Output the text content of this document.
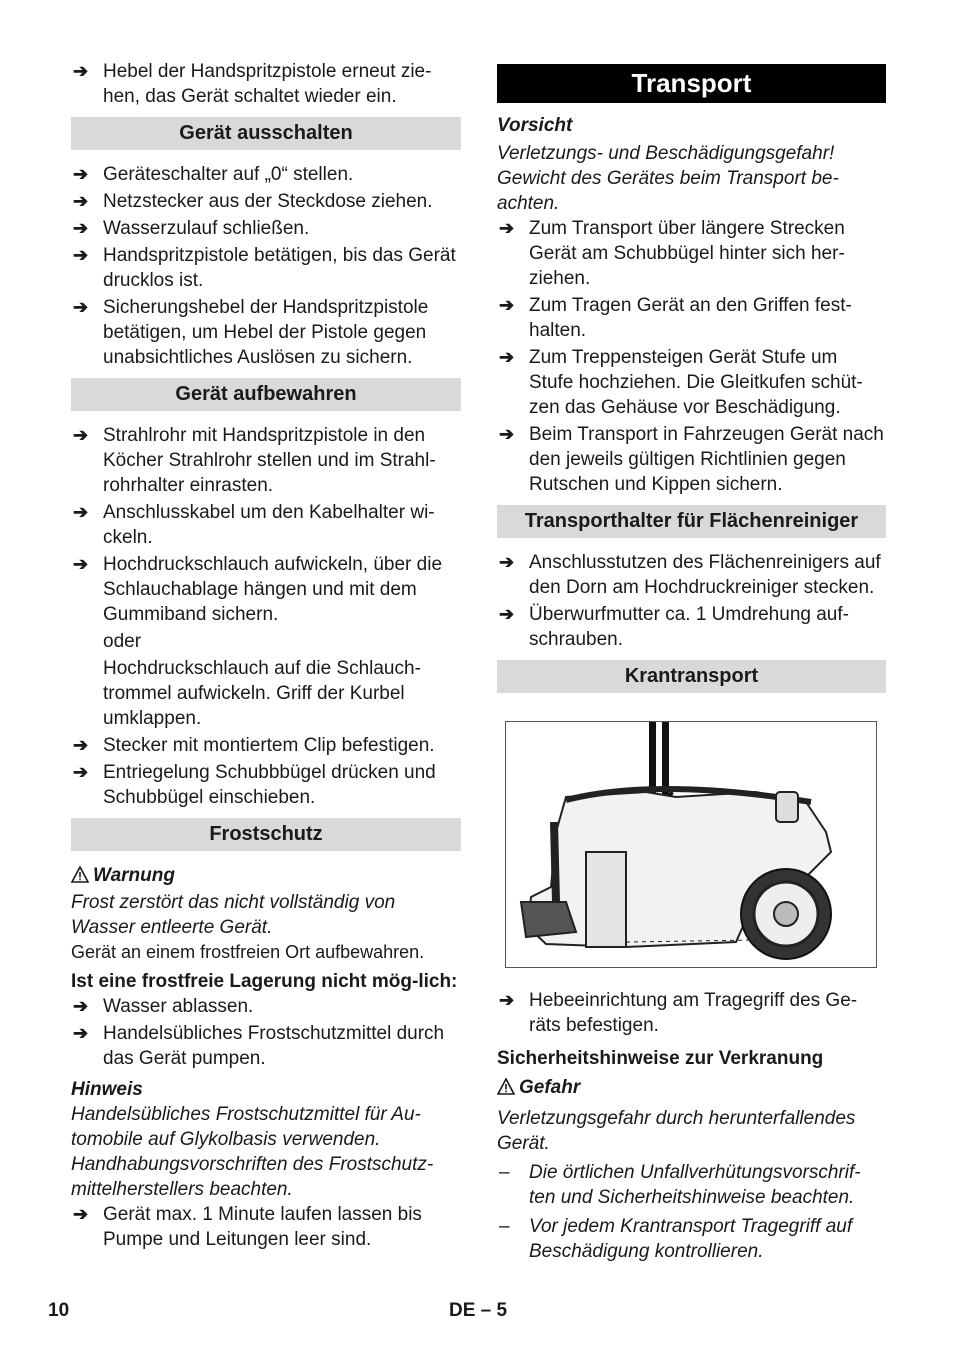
➔ Hebel der Handspritzpistole erneut zie-hen, das Gerät schaltet wieder ein.
Gerät ausschalten
➔ Geräteschalter auf „0“ stellen.
➔ Netzstecker aus der Steckdose ziehen.
➔ Wasserzulauf schließen.
➔ Handspritzpistole betätigen, bis das Gerät drucklos ist.
➔ Sicherungshebel der Handspritzpistole betätigen, um Hebel der Pistole gegen unabsichtliches Auslösen zu sichern.
Gerät aufbewahren
➔ Strahlrohr mit Handspritzpistole in den Köcher Strahlrohr stellen und im Strahl-rohrhalter einrasten.
➔ Anschlusskabel um den Kabelhalter wi-ckeln.
➔ Hochdruckschlauch aufwickeln, über die Schlauchablage hängen und mit dem Gummiband sichern.
oder
Hochdruckschlauch auf die Schlauch-trommel aufwickeln. Griff der Kurbel umklappen.
➔ Stecker mit montiertem Clip befestigen.
➔ Entriegelung Schubbbügel drücken und Schubbügel einschieben.
Frostschutz
Warnung
Frost zerstört das nicht vollständig von Wasser entleerte Gerät.
Gerät an einem frostfreien Ort aufbewahren.
Ist eine frostfreie Lagerung nicht mög-lich:
➔ Wasser ablassen.
➔ Handelsübliches Frostschutzmittel durch das Gerät pumpen.
Hinweis
Handelsübliches Frostschutzmittel für Au-tomobile auf Glykolbasis verwenden. Handhabungsvorschriften des Frostschutz-mittelherstellers beachten.
➔ Gerät max. 1 Minute laufen lassen bis Pumpe und Leitungen leer sind.
Transport
Vorsicht
Verletzungs- und Beschädigungsgefahr! Gewicht des Gerätes beim Transport be-achten.
➔ Zum Transport über längere Strecken Gerät am Schubbügel hinter sich her-ziehen.
➔ Zum Tragen Gerät an den Griffen fest-halten.
➔ Zum Treppensteigen Gerät Stufe um Stufe hochziehen. Die Gleitkufen schüt-zen das Gehäuse vor Beschädigung.
➔ Beim Transport in Fahrzeugen Gerät nach den jeweils gültigen Richtlinien gegen Rutschen und Kippen sichern.
Transporthalter für Flächenreiniger
➔ Anschlusstutzen des Flächenreinigers auf den Dorn am Hochdruckreiniger stecken.
➔ Überwurfmutter ca. 1 Umdrehung auf-schrauben.
Krantransport
➔ Hebeeinrichtung am Tragegriff des Ge-räts befestigen.
Sicherheitshinweise zur Verkranung
Gefahr
Verletzungsgefahr durch herunterfallendes Gerät.
– Die örtlichen Unfallverhütungsvorschrif-ten und Sicherheitshinweise beachten.
– Vor jedem Krantransport Tragegriff auf Beschädigung kontrollieren.
10	DE – 5
